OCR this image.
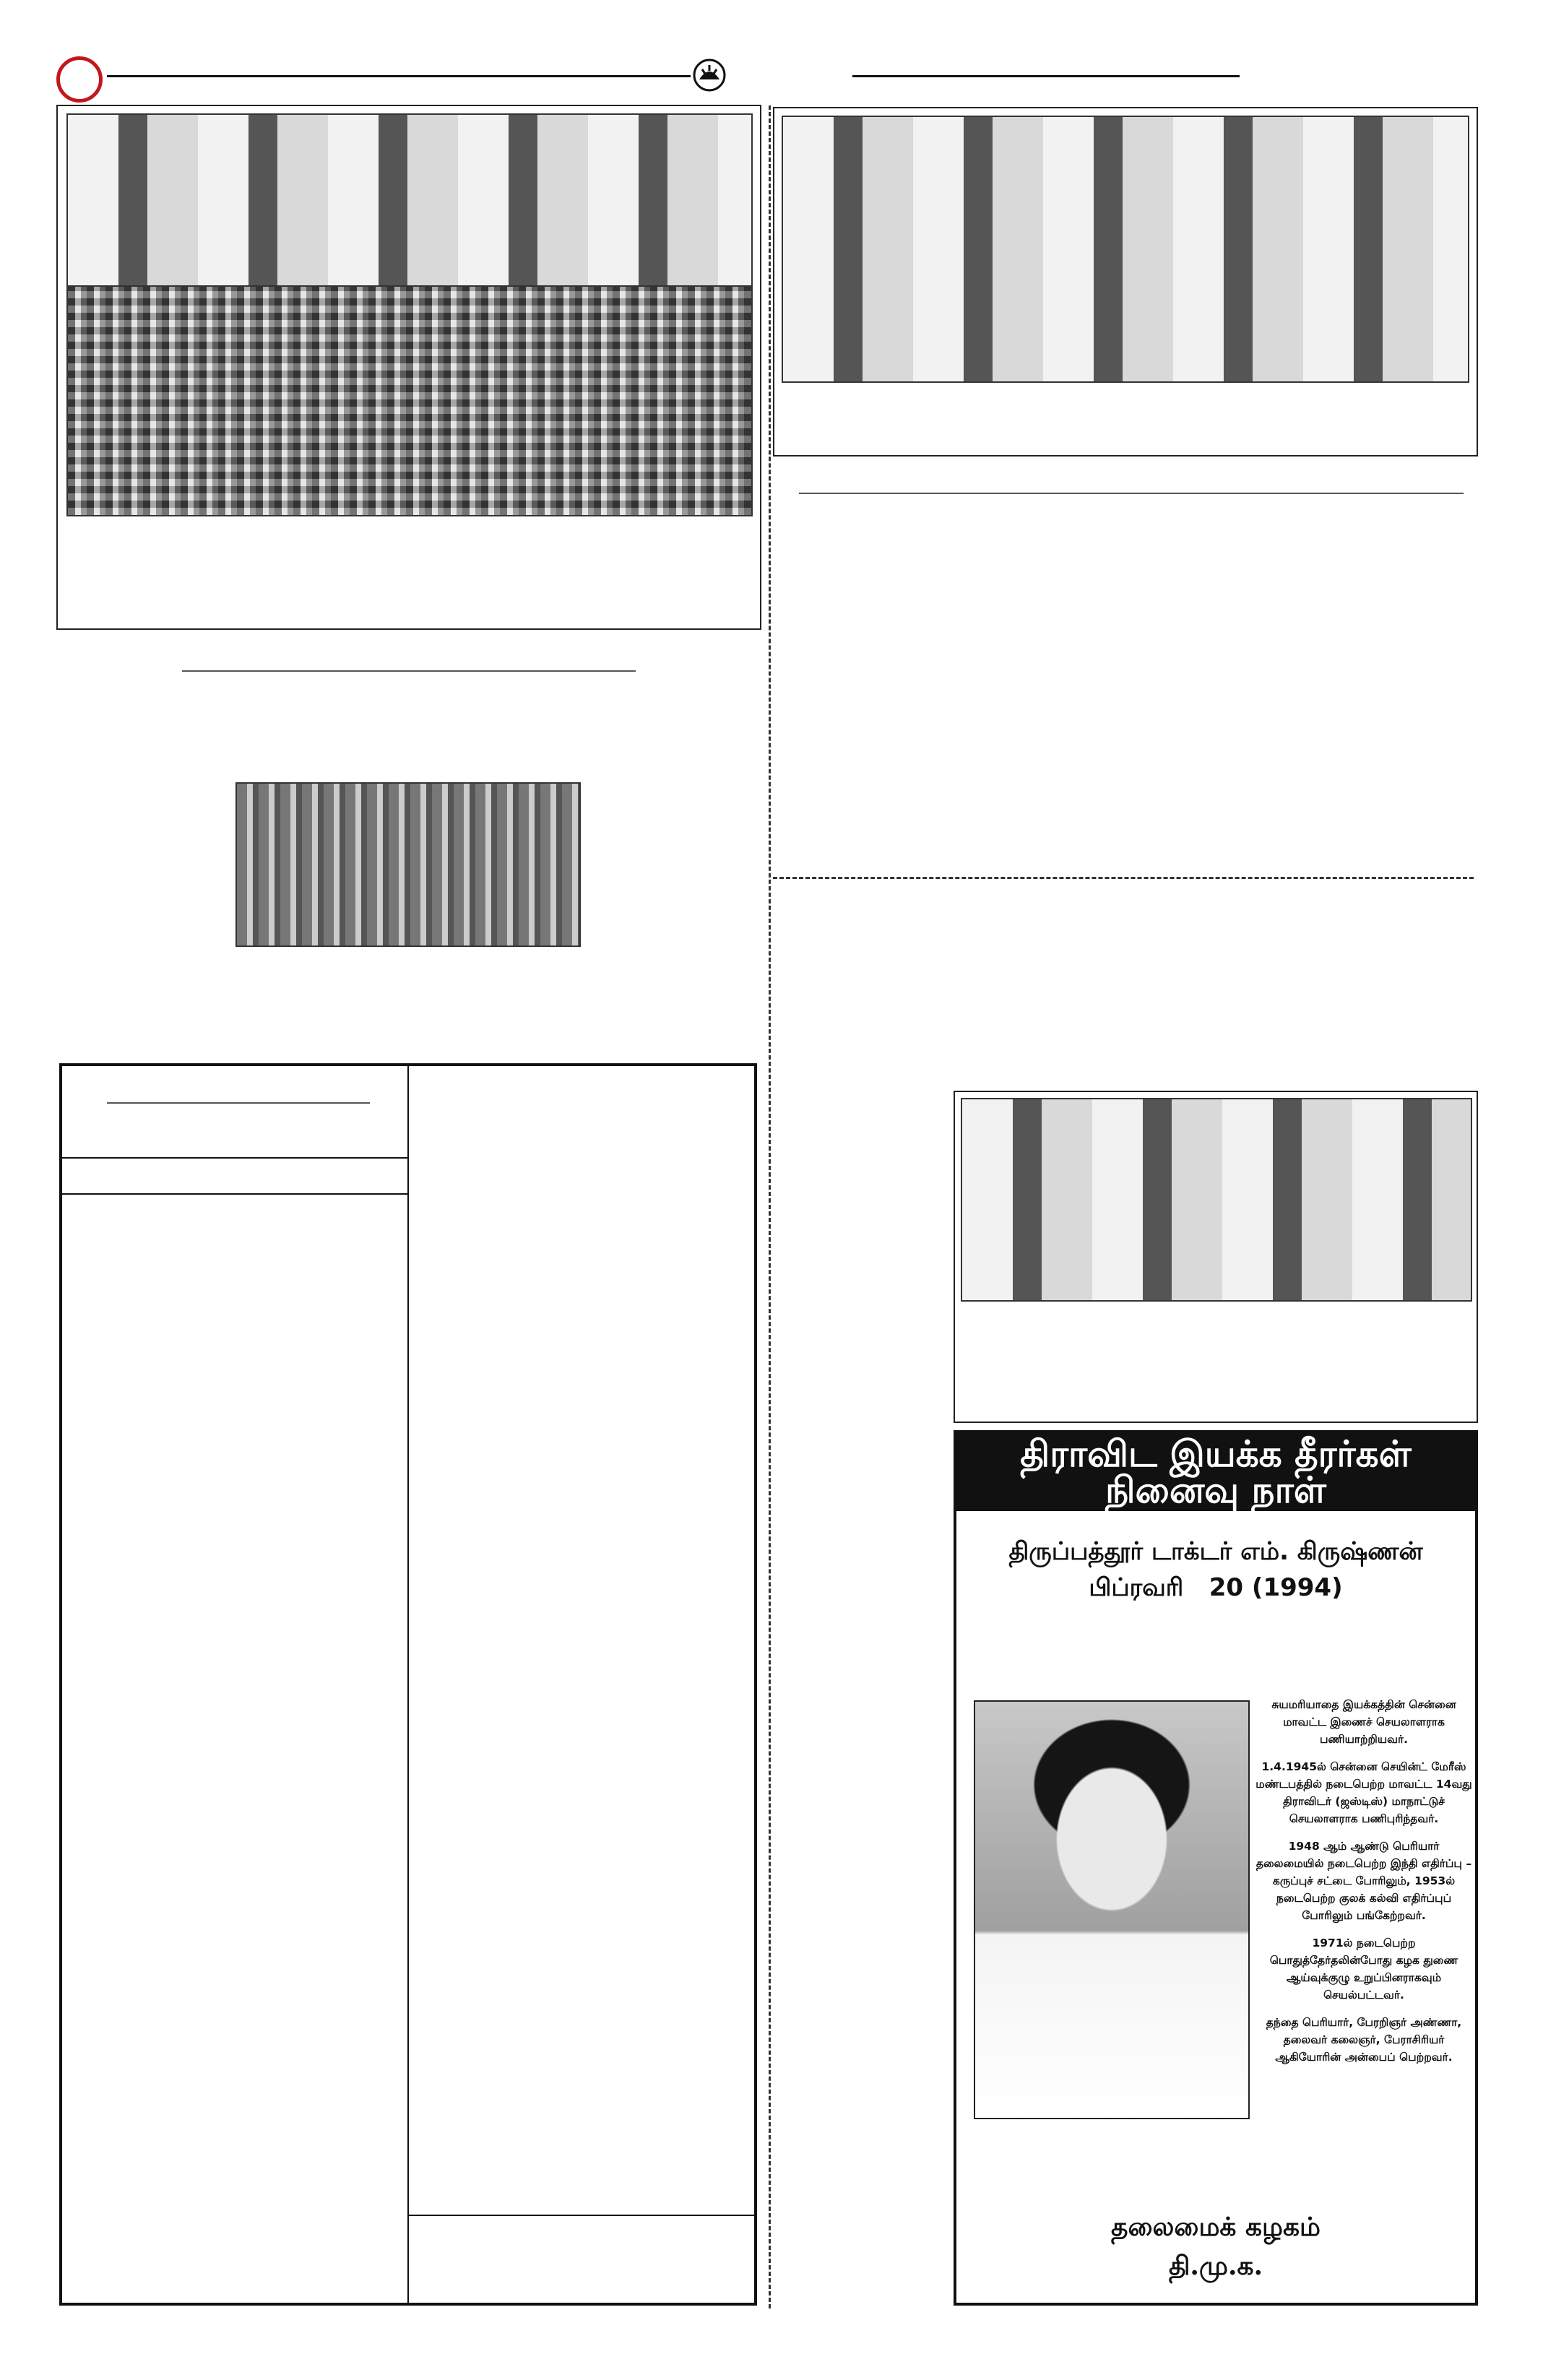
திராவிட இயக்க தீரர்கள் நினைவு நாள்
திருப்பத்தூர் டாக்டர் எம். கிருஷ்ணன்
பிப்ரவரி   20 (1994)

சுயமரியாதை இயக்கத்தின் சென்னை மாவட்ட இணைச் செயலாளராக பணியாற்றியவர்.

1.4.1945ல் சென்னை செயின்ட் மேரீஸ் மண்டபத்தில் நடைபெற்ற மாவட்ட 14வது திராவிடர் (ஜஸ்டிஸ்) மாநாட்டுச் செயலாளராக பணிபுரிந்தவர்.

1948 ஆம் ஆண்டு பெரியார் தலைமையில் நடைபெற்ற இந்தி எதிர்ப்பு – கருப்புச் சட்டை போரிலும், 1953ல் நடைபெற்ற குலக் கல்வி எதிர்ப்புப் போரிலும் பங்கேற்றவர்.

1971ல் நடைபெற்ற பொதுத்தேர்தலின்போது கழக துணை ஆய்வுக்குழு உறுப்பினராகவும் செயல்பட்டவர்.

தந்தை பெரியார், பேரறிஞர் அண்ணா, தலைவர் கலைஞர், பேராசிரியர் ஆகியோரின் அன்பைப் பெற்றவர்.

தலைமைக் கழகம்
தி.மு.க.
